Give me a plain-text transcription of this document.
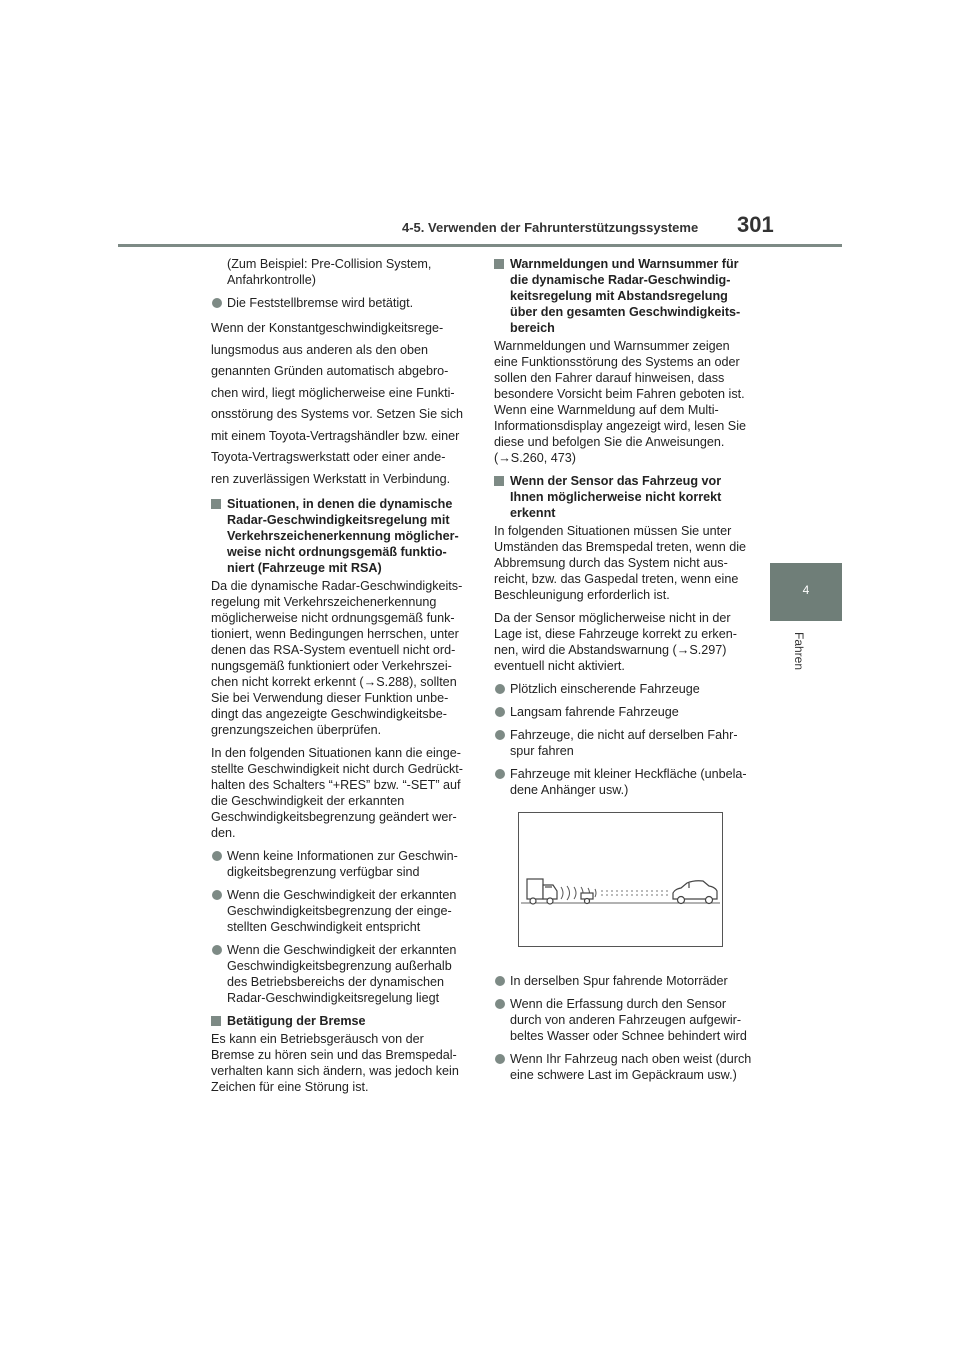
4-5. Verwenden der Fahrunterstützungssysteme 301
4
Fahren

(Zum Beispiel: Pre-Collision System, Anfahrkontrolle)

Die Feststellbremse wird betätigt.

Wenn der Konstantgeschwindigkeitsrege-

lungsmodus aus anderen als den oben

genannten Gründen automatisch abgebro-

chen wird, liegt möglicherweise eine Funkti-

onsstörung des Systems vor. Setzen Sie sich

mit einem Toyota-Vertragshändler bzw. einer

Toyota-Vertragswerkstatt oder einer ande-

ren zuverlässigen Werkstatt in Verbindung.

Situationen, in denen die dynamische Radar-Geschwindigkeitsregelung mit Verkehrszeichenerkennung möglicher-weise nicht ordnungsgemäß funktio-niert (Fahrzeuge mit RSA)

Da die dynamische Radar-Geschwindigkeits-regelung mit Verkehrszeichenerkennung möglicherweise nicht ordnungsgemäß funk-tioniert, wenn Bedingungen herrschen, unter denen das RSA-System eventuell nicht ord-nungsgemäß funktioniert oder Verkehrszei-chen nicht korrekt erkennt (→S.288), sollten Sie bei Verwendung dieser Funktion unbe-dingt das angezeigte Geschwindigkeitsbe-grenzungszeichen überprüfen.

In den folgenden Situationen kann die einge-stellte Geschwindigkeit nicht durch Gedrückt-halten des Schalters “+RES” bzw. “-SET” auf die Geschwindigkeit der erkannten Geschwindigkeitsbegrenzung geändert wer-den.

Wenn keine Informationen zur Geschwin-digkeitsbegrenzung verfügbar sind

Wenn die Geschwindigkeit der erkannten Geschwindigkeitsbegrenzung der einge-stellten Geschwindigkeit entspricht

Wenn die Geschwindigkeit der erkannten Geschwindigkeitsbegrenzung außerhalb des Betriebsbereichs der dynamischen Radar-Geschwindigkeitsregelung liegt

Betätigung der Bremse

Es kann ein Betriebsgeräusch von der Bremse zu hören sein und das Bremspedal-verhalten kann sich ändern, was jedoch kein Zeichen für eine Störung ist.

Warnmeldungen und Warnsummer für die dynamische Radar-Geschwindig-keitsregelung mit Abstandsregelung über den gesamten Geschwindigkeits-bereich

Warnmeldungen und Warnsummer zeigen eine Funktionsstörung des Systems an oder sollen den Fahrer darauf hinweisen, dass besondere Vorsicht beim Fahren geboten ist. Wenn eine Warnmeldung auf dem Multi-Informationsdisplay angezeigt wird, lesen Sie diese und befolgen Sie die Anweisungen. (→S.260, 473)

Wenn der Sensor das Fahrzeug vor Ihnen möglicherweise nicht korrekt erkennt

In folgenden Situationen müssen Sie unter Umständen das Bremspedal treten, wenn die Abbremsung durch das System nicht aus-reicht, bzw. das Gaspedal treten, wenn eine Beschleunigung erforderlich ist.

Da der Sensor möglicherweise nicht in der Lage ist, diese Fahrzeuge korrekt zu erken-nen, wird die Abstandswarnung (→S.297) eventuell nicht aktiviert.

Plötzlich einscherende Fahrzeuge

Langsam fahrende Fahrzeuge

Fahrzeuge, die nicht auf derselben Fahr-spur fahren

Fahrzeuge mit kleiner Heckfläche (unbela-dene Anhänger usw.)

In derselben Spur fahrende Motorräder

Wenn die Erfassung durch den Sensor durch von anderen Fahrzeugen aufgewir-beltes Wasser oder Schnee behindert wird

Wenn Ihr Fahrzeug nach oben weist (durch eine schwere Last im Gepäckraum usw.)
